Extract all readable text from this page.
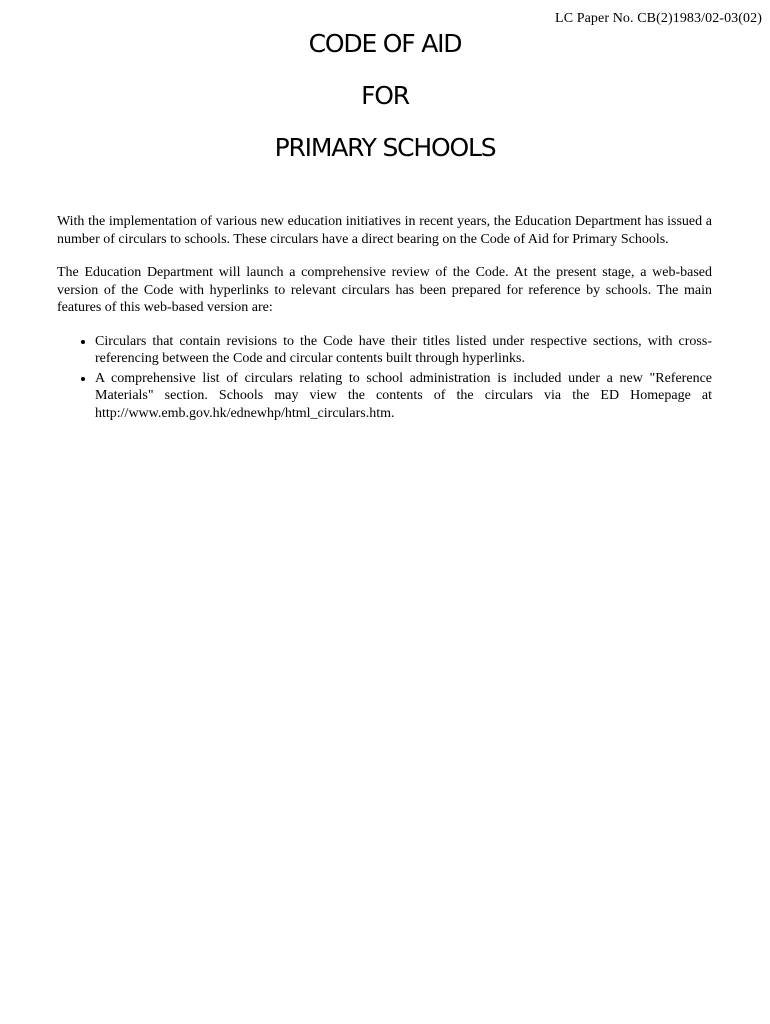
LC Paper No. CB(2)1983/02-03(02)

CODE OF AID

FOR

PRIMARY SCHOOLS

With the implementation of various new education initiatives in recent years, the Education Department has issued a number of circulars to schools. These circulars have a direct bearing on the Code of Aid for Primary Schools.

The Education Department will launch a comprehensive review of the Code. At the present stage, a web-based version of the Code with hyperlinks to relevant circulars has been prepared for reference by schools. The main features of this web-based version are:

• Circulars that contain revisions to the Code have their titles listed under respective sections, with cross-referencing between the Code and circular contents built through hyperlinks.
• A comprehensive list of circulars relating to school administration is included under a new "Reference Materials" section. Schools may view the contents of the circulars via the ED Homepage at http://www.emb.gov.hk/ednewhp/html_circulars.htm.
